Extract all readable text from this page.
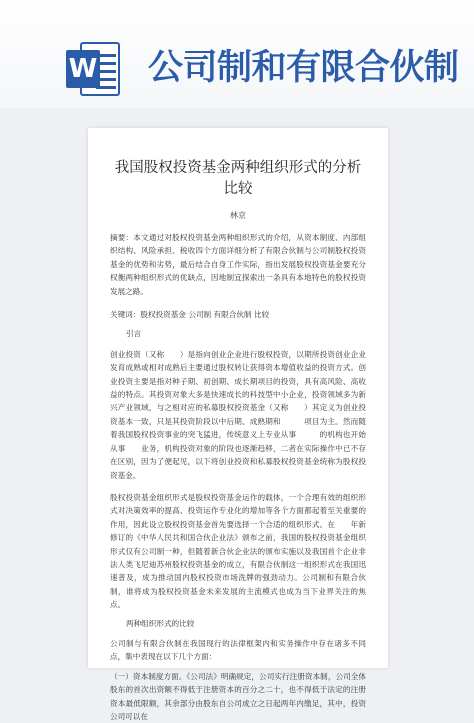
W 公司制和有限合伙制
我国股权投资基金两种组织形式的分析比较
林京

摘要：本文通过对股权投资基金两种组织形式的介绍，从资本制度、内部组织结构、风险承担、税收四个方面详细分析了有限合伙制与公司制股权投资基金的优势和劣势，最后结合自身工作实际，指出发展股权投资基金要充分权衡两种组织形式的优缺点，因地制宜探索出一条具有本地特色的股权投资发展之路。

关键词：股权投资基金 公司制 有限合伙制 比较

引言

创业投资（又称　　）是指向创业企业进行股权投资，以期所投资创业企业发育成熟或相对成熟后主要通过股权转让获得资本增值收益的投资方式。创业投资主要是指对种子期、初创期、成长期项目的投资，具有高风险、高收益的特点。其投资对象大多是快速成长的科技型中小企业，投资领域多为新兴产业领域，与之相对应的私募股权投资基金（又称　　）其定义为创业投资基本一致，只是其投资阶段以中后期、成熟期和　　　项目为主。然而随着我国股权投资事业的突飞猛进，传统意义上专业从事　　　的机构也开始从事　　业务，机构投资对象的阶段也逐渐趋移，二者在实际操作中已不存在区别，因为了便起见，以下将创业投资和私募股权投资基金统称为股权投资基金。

股权投资基金组织形式是股权投资基金运作的载体，一个合理有效的组织形式对决策效率的提高、投资运作专业化的增加等各个方面都起着至关重要的作用，因此设立股权投资基金首先要选择一个合适的组织形式。在　　年新修订的《中华人民共和国合伙企业法》颁布之前，我国的股权投资基金组织形式仅有公司制一种，但随着新合伙企业法的颁布实施以及我国首个企业非法人类飞尼迪苏州股权投资基金的成立，有限合伙制这一组织形式在我国迅速普及，成为推动国内股权投资市场洗牌的强劲动力。公司制和有限合伙制，谁将成为股权投资基金未来发展的主流模式也成为当下业界关注的焦点。

两种组织形式的比较

公司制与有限合伙制在我国现行的法律框架内和实务操作中存在诸多不同点，集中表现在以下几个方面：

（一）资本制度方面。《公司法》明确规定，公司实行注册资本制，公司全体股东的首次出资额不得低于注册资本的百分之二十，也不得低于法定的注册资本最低限额，其余部分由股东自公司成立之日起两年内缴足，其中，投资公司可以在
